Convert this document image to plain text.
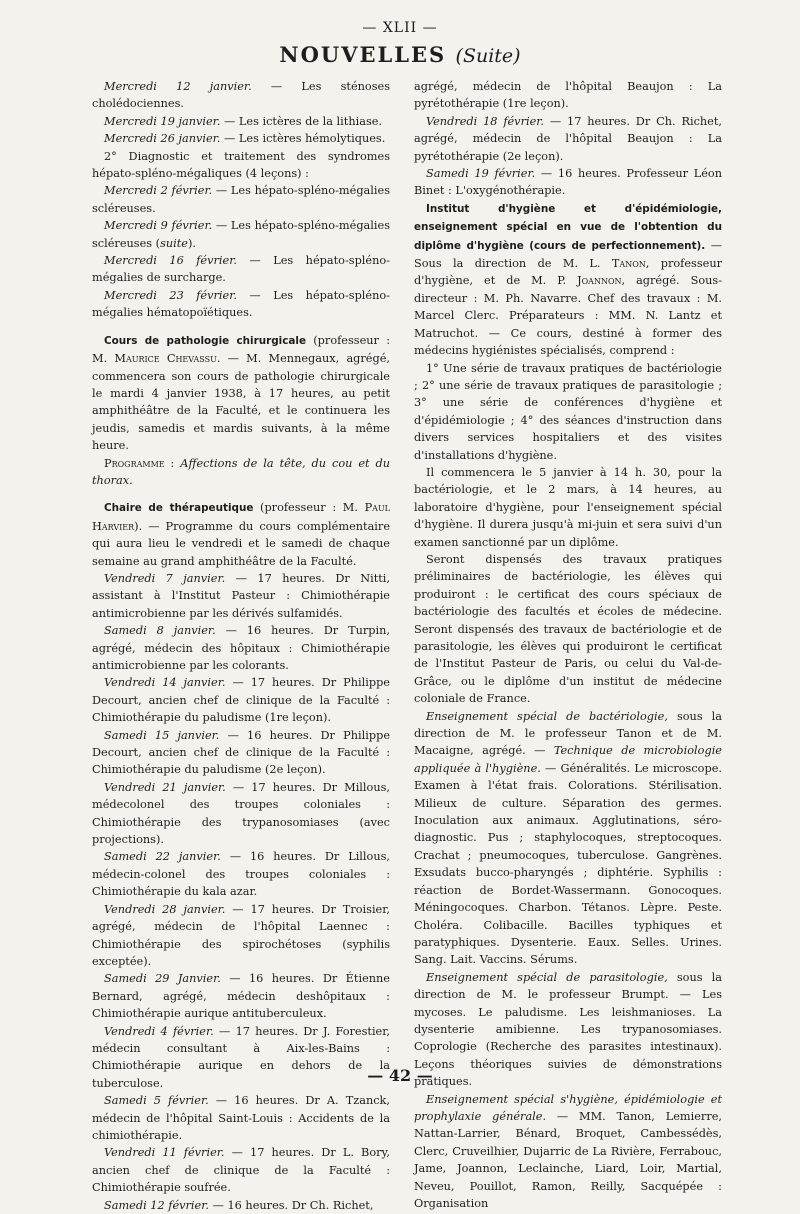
— XLII —
NOUVELLES (Suite)

Mercredi 12 janvier. — Les sténoses cholédociennes.

Mercredi 19 janvier. — Les ictères de la lithiase.

Mercredi 26 janvier. — Les ictères hémolytiques.

2° Diagnostic et traitement des syndromes hépato-spléno-mégaliques (4 leçons) :

Mercredi 2 février. — Les hépato-spléno-mégalies scléreuses.

Mercredi 9 février. — Les hépato-spléno-mégalies scléreuses (suite).

Mercredi 16 février. — Les hépato-spléno-mégalies de surcharge.

Mercredi 23 février. — Les hépato-spléno-mégalies hématopoïétiques.

Cours de pathologie chirurgicale (professeur : M. Maurice Chevassu. — M. Mennegaux, agrégé, commencera son cours de pathologie chirurgicale le mardi 4 janvier 1938, à 17 heures, au petit amphithéâtre de la Faculté, et le continuera les jeudis, samedis et mardis suivants, à la même heure.

Programme : Affections de la tête, du cou et du thorax.

Chaire de thérapeutique (professeur : M. Paul Harvier). — Programme du cours complémentaire qui aura lieu le vendredi et le samedi de chaque semaine au grand amphithéâtre de la Faculté.

Vendredi 7 janvier. — 17 heures. Dr Nitti, assistant à l'Institut Pasteur : Chimiothérapie antimicrobienne par les dérivés sulfamidés.

Samedi 8 janvier. — 16 heures. Dr Turpin, agrégé, médecin des hôpitaux : Chimiothérapie antimicrobienne par les colorants.

Vendredi 14 janvier. — 17 heures. Dr Philippe Decourt, ancien chef de clinique de la Faculté : Chimiothérapie du paludisme (1re leçon).

Samedi 15 janvier. — 16 heures. Dr Philippe Decourt, ancien chef de clinique de la Faculté : Chimiothérapie du paludisme (2e leçon).

Vendredi 21 janvier. — 17 heures. Dr Millous, médecolonel des troupes coloniales : Chimiothérapie des trypanosomiases (avec projections).

Samedi 22 janvier. — 16 heures. Dr Lillous, médecin-colonel des troupes coloniales : Chimiothérapie du kala azar.

Vendredi 28 janvier. — 17 heures. Dr Troisier, agrégé, médecin de l'hôpital Laennec : Chimiothérapie des spirochétoses (syphilis exceptée).

Samedi 29 Janvier. — 16 heures. Dr Étienne Bernard, agrégé, médecin deshôpitaux : Chimiothérapie aurique antituberculeux.

Vendredi 4 février. — 17 heures. Dr J. Forestier, médecin consultant à Aix-les-Bains : Chimiothérapie aurique en dehors de la tuberculose.

Samedi 5 février. — 16 heures. Dr A. Tzanck, médecin de l'hôpital Saint-Louis : Accidents de la chimiothérapie.

Vendredi 11 février. — 17 heures. Dr L. Bory, ancien chef de clinique de la Faculté : Chimiothérapie soufrée.

Samedi 12 février. — 16 heures. Dr Ch. Richet,

agrégé, médecin de l'hôpital Beaujon : La pyrétothérapie (1re leçon).

Vendredi 18 février. — 17 heures. Dr Ch. Richet, agrégé, médecin de l'hôpital Beaujon : La pyrétothérapie (2e leçon).

Samedi 19 février. — 16 heures. Professeur Léon Binet : L'oxygénothérapie.

Institut d'hygiène et d'épidémiologie, enseignement spécial en vue de l'obtention du diplôme d'hygiène (cours de perfectionnement). — Sous la direction de M. L. Tanon, professeur d'hygiène, et de M. P. Joannon, agrégé. Sous-directeur : M. Ph. Navarre. Chef des travaux : M. Marcel Clerc. Préparateurs : MM. N. Lantz et Matruchot. — Ce cours, destiné à former des médecins hygiénistes spécialisés, comprend :

1° Une série de travaux pratiques de bactériologie ; 2° une série de travaux pratiques de parasitologie ; 3° une série de conférences d'hygiène et d'épidémiologie ; 4° des séances d'instruction dans divers services hospitaliers et des visites d'installations d'hygiène.

Il commencera le 5 janvier à 14 h. 30, pour la bactériologie, et le 2 mars, à 14 heures, au laboratoire d'hygiène, pour l'enseignement spécial d'hygiène. Il durera jusqu'à mi-juin et sera suivi d'un examen sanctionné par un diplôme.

Seront dispensés des travaux pratiques préliminaires de bactériologie, les élèves qui produiront : le certificat des cours spéciaux de bactériologie des facultés et écoles de médecine. Seront dispensés des travaux de bactériologie et de parasitologie, les élèves qui produiront le certificat de l'Institut Pasteur de Paris, ou celui du Val-de-Grâce, ou le diplôme d'un institut de médecine coloniale de France.

Enseignement spécial de bactériologie, sous la direction de M. le professeur Tanon et de M. Macaigne, agrégé. — Technique de microbiologie appliquée à l'hygiène. — Généralités. Le microscope. Examen à l'état frais. Colorations. Stérilisation. Milieux de culture. Séparation des germes. Inoculation aux animaux. Agglutinations, séro-diagnostic. Pus ; staphylocoques, streptocoques. Crachat ; pneumocoques, tuberculose. Gangrènes. Exsudats bucco-pharyngés ; diphtérie. Syphilis : réaction de Bordet-Wassermann. Gonocoques. Méningocoques. Charbon. Tétanos. Lèpre. Peste. Choléra. Colibacille. Bacilles typhiques et paratyphiques. Dysenterie. Eaux. Selles. Urines. Sang. Lait. Vaccins. Sérums.

Enseignement spécial de parasitologie, sous la direction de M. le professeur Brumpt. — Les mycoses. Le paludisme. Les leishmanioses. La dysenterie amibienne. Les trypanosomiases. Coprologie (Recherche des parasites intestinaux). Leçons théoriques suivies de démonstrations pratiques.

Enseignement spécial s'hygiène, épidémiologie et prophylaxie générale. — MM. Tanon, Lemierre, Nattan-Larrier, Bénard, Broquet, Cambessédès, Clerc, Cruveilhier, Dujarric de La Rivière, Ferrabouc, Jame, Joannon, Leclainche, Liard, Loir, Martial, Neveu, Pouillot, Ramon, Reilly, Sacquépée : Organisation

— 42 —
